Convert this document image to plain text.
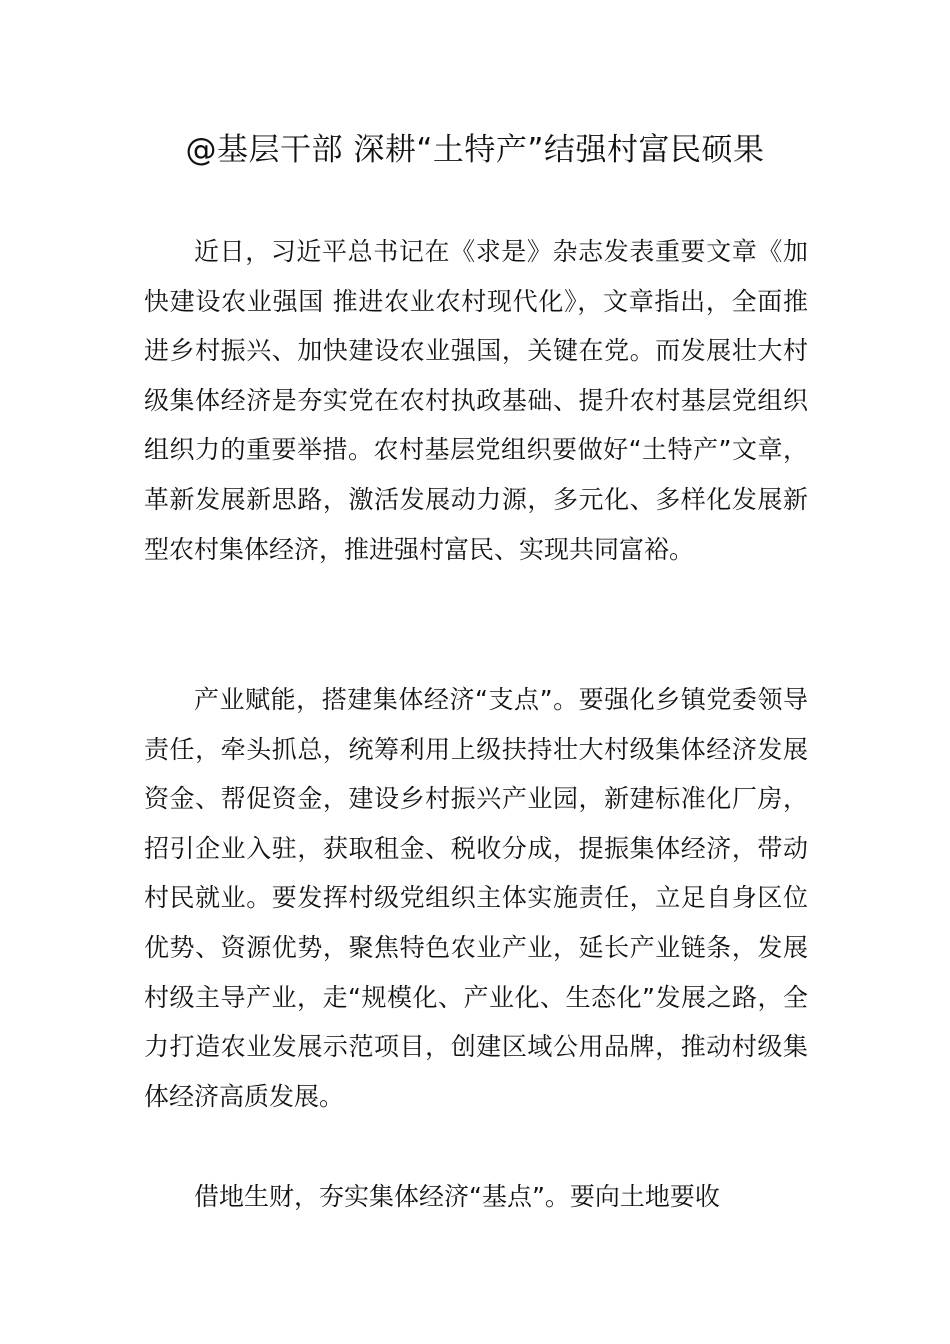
@基层干部 深耕“土特产”结强村富民硕果

近日，习近平总书记在《求是》杂志发表重要文章《加快建设农业强国 推进农业农村现代化》，文章指出，全面推进乡村振兴、加快建设农业强国，关键在党。而发展壮大村级集体经济是夯实党在农村执政基础、提升农村基层党组织组织力的重要举措。农村基层党组织要做好“土特产”文章，革新发展新思路，激活发展动力源，多元化、多样化发展新型农村集体经济，推进强村富民、实现共同富裕。

产业赋能，搭建集体经济“支点”。要强化乡镇党委领导责任，牵头抓总，统筹利用上级扶持壮大村级集体经济发展资金、帮促资金，建设乡村振兴产业园，新建标准化厂房，招引企业入驻，获取租金、税收分成，提振集体经济，带动村民就业。要发挥村级党组织主体实施责任，立足自身区位优势、资源优势，聚焦特色农业产业，延长产业链条，发展村级主导产业，走“规模化、产业化、生态化”发展之路，全力打造农业发展示范项目，创建区域公用品牌，推动村级集体经济高质发展。

借地生财，夯实集体经济“基点”。要向土地要收
